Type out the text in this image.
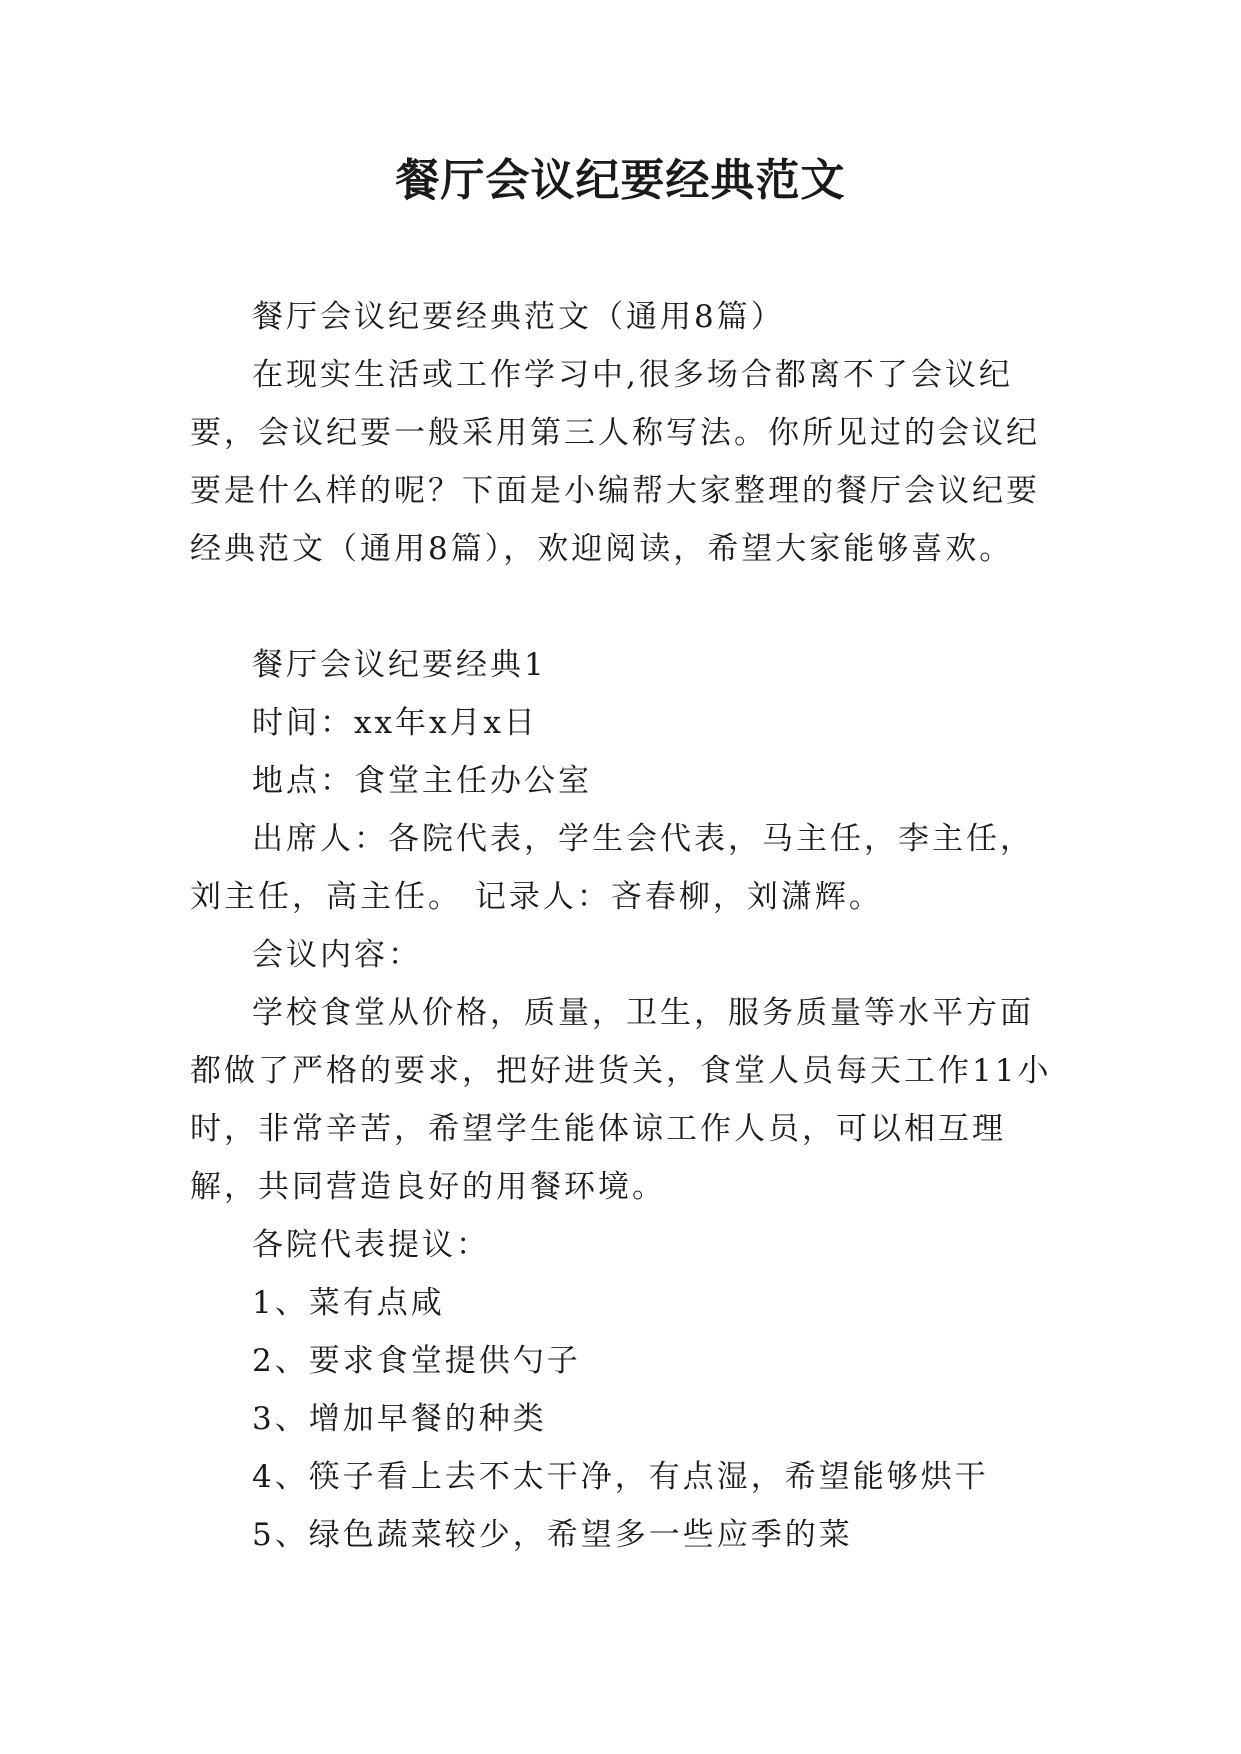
餐厅会议纪要经典范文

餐厅会议纪要经典范文（通用8篇）

在现实生活或工作学习中,很多场合都离不了会议纪要，会议纪要一般采用第三人称写法。你所见过的会议纪要是什么样的呢？下面是小编帮大家整理的餐厅会议纪要经典范文（通用8篇），欢迎阅读，希望大家能够喜欢。

餐厅会议纪要经典1

时间：xx年x月x日

地点：食堂主任办公室

出席人：各院代表，学生会代表，马主任，李主任，刘主任，高主任。 记录人：吝春柳，刘潇辉。

会议内容：

学校食堂从价格，质量，卫生，服务质量等水平方面都做了严格的要求，把好进货关，食堂人员每天工作11小时，非常辛苦，希望学生能体谅工作人员，可以相互理解，共同营造良好的用餐环境。

各院代表提议：

1、菜有点咸

2、要求食堂提供勺子

3、增加早餐的种类

4、筷子看上去不太干净，有点湿，希望能够烘干

5、绿色蔬菜较少，希望多一些应季的菜
